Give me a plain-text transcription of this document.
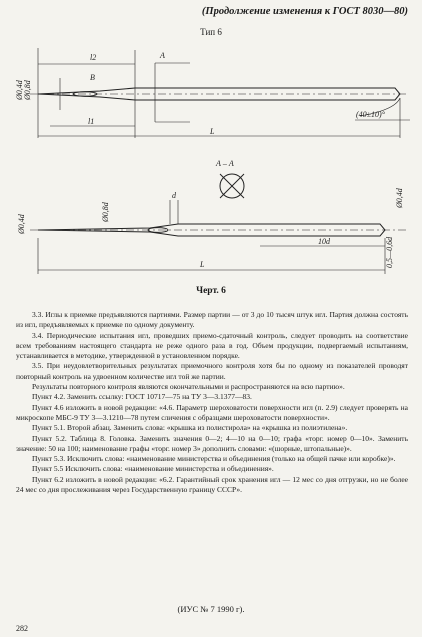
(Продолжение изменения к ГОСТ 8030—80)
Тип 6
l2
B
A
L
l1
(40±10)°
Ø0,8d
Ø0,4d
А – А
10d
L
d
Ø0,8d
Ø0,4d
Ø0,4d
0,5—0,6d
Черт. 6

3.3. Иглы к приемке предъявляются партиями. Размер партии — от 3 до 10 тысяч штук игл. Партия должна состоять из игл, предъявляемых к приемке по одному документу.

3.4. Периодические испытания игл, проведших приемо-сдаточный контроль, следует проводить на соответствие всем требованиям настоящего стандарта не реже одного раза в год. Объем продукции, подвергаемый испытаниям, устанавливается в методике, утвержденной в установленном порядке.

3.5. При неудовлетворительных результатах приемочного контроля хотя бы по одному из показателей проводят повторный контроль на удвоенном количестве игл той же партии.

Результаты повторного контроля являются окончательными и распространяются на всю партию».

Пункт 4.2. Заменить ссылку: ГОСТ 10717—75 на ТУ 3—3.1377—83.

Пункт 4.6 изложить в новой редакции: «4.6. Параметр шероховатости поверхности игл (п. 2.9) следует проверять на микроскопе МБС-9 ТУ 3—3.1210—78 путем сличения с образцами шероховатости поверхности».

Пункт 5.1. Второй абзац. Заменить слова: «крышка из полистирола» на «крышка из полиэтилена».

Пункт 5.2. Таблица 8. Головка. Заменить значения 0—2; 4—10 на 0—10; графа «торг. номер 0—10». Заменить значение: 50 на 100; наименование графы «торг. номер 3» дополнить словами: «(шорные, штопальные)».

Пункт 5.3. Исключить слова: «наименование министерства и объединения (только на общей пачке или коробке)».

Пункт 5.5 Исключить слова: «наименование министерства и объединения».

Пункт 6.2 изложить в новой редакции: «6.2. Гарантийный срок хранения игл — 12 мес со дня отгрузки, но не более 24 мес со дня прослеживания через Государственную границу СССР».

(ИУС № 7 1990 г).
282
